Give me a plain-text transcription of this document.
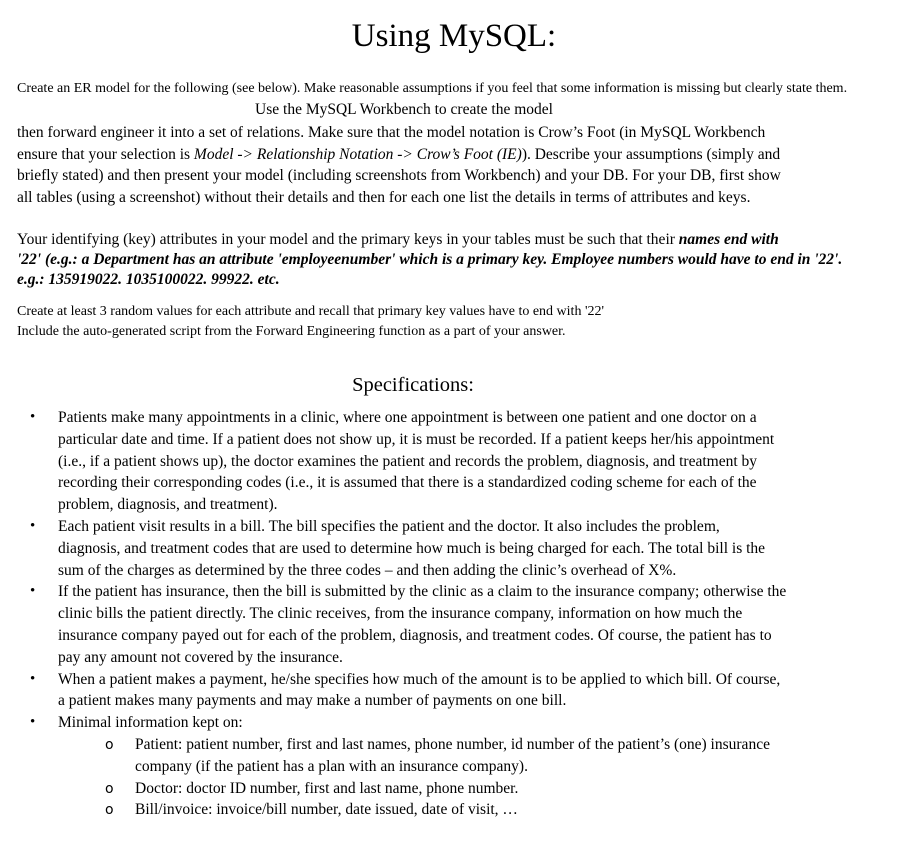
Using MySQL:
Create an ER model for the following (see below). Make reasonable assumptions if you feel that some information is missing but clearly state them.
Use the MySQL Workbench to create the model
then forward engineer it into a set of relations. Make sure that the model notation is Crow’s Foot (in MySQL Workbench
ensure that your selection is Model -> Relationship Notation -> Crow’s Foot (IE)). Describe your assumptions (simply and
briefly stated) and then present your model (including screenshots from Workbench) and your DB. For your DB, first show
all tables (using a screenshot) without their details and then for each one list the details in terms of attributes and keys.
Your identifying (key) attributes in your model and the primary keys in your tables must be such that their names end with
'22' (e.g.: a Department has an attribute 'employeenumber' which is a primary key. Employee numbers would have to end in '22'.
e.g.: 135919022. 1035100022. 99922. etc.
Create at least 3 random values for each attribute and recall that primary key values have to end with '22'
Include the auto-generated script from the Forward Engineering function as a part of your answer.
Specifications:
• Patients make many appointments in a clinic, where one appointment is between one patient and one doctor on a
particular date and time. If a patient does not show up, it is must be recorded. If a patient keeps her/his appointment
(i.e., if a patient shows up), the doctor examines the patient and records the problem, diagnosis, and treatment by
recording their corresponding codes (i.e., it is assumed that there is a standardized coding scheme for each of the
problem, diagnosis, and treatment).
• Each patient visit results in a bill. The bill specifies the patient and the doctor. It also includes the problem,
diagnosis, and treatment codes that are used to determine how much is being charged for each. The total bill is the
sum of the charges as determined by the three codes – and then adding the clinic’s overhead of X%.
• If the patient has insurance, then the bill is submitted by the clinic as a claim to the insurance company; otherwise the
clinic bills the patient directly. The clinic receives, from the insurance company, information on how much the
insurance company payed out for each of the problem, diagnosis, and treatment codes. Of course, the patient has to
pay any amount not covered by the insurance.
• When a patient makes a payment, he/she specifies how much of the amount is to be applied to which bill. Of course,
a patient makes many payments and may make a number of payments on one bill.
• Minimal information kept on:
o Patient: patient number, first and last names, phone number, id number of the patient’s (one) insurance
company (if the patient has a plan with an insurance company).
o Doctor: doctor ID number, first and last name, phone number.
o Bill/invoice: invoice/bill number, date issued, date of visit, …
